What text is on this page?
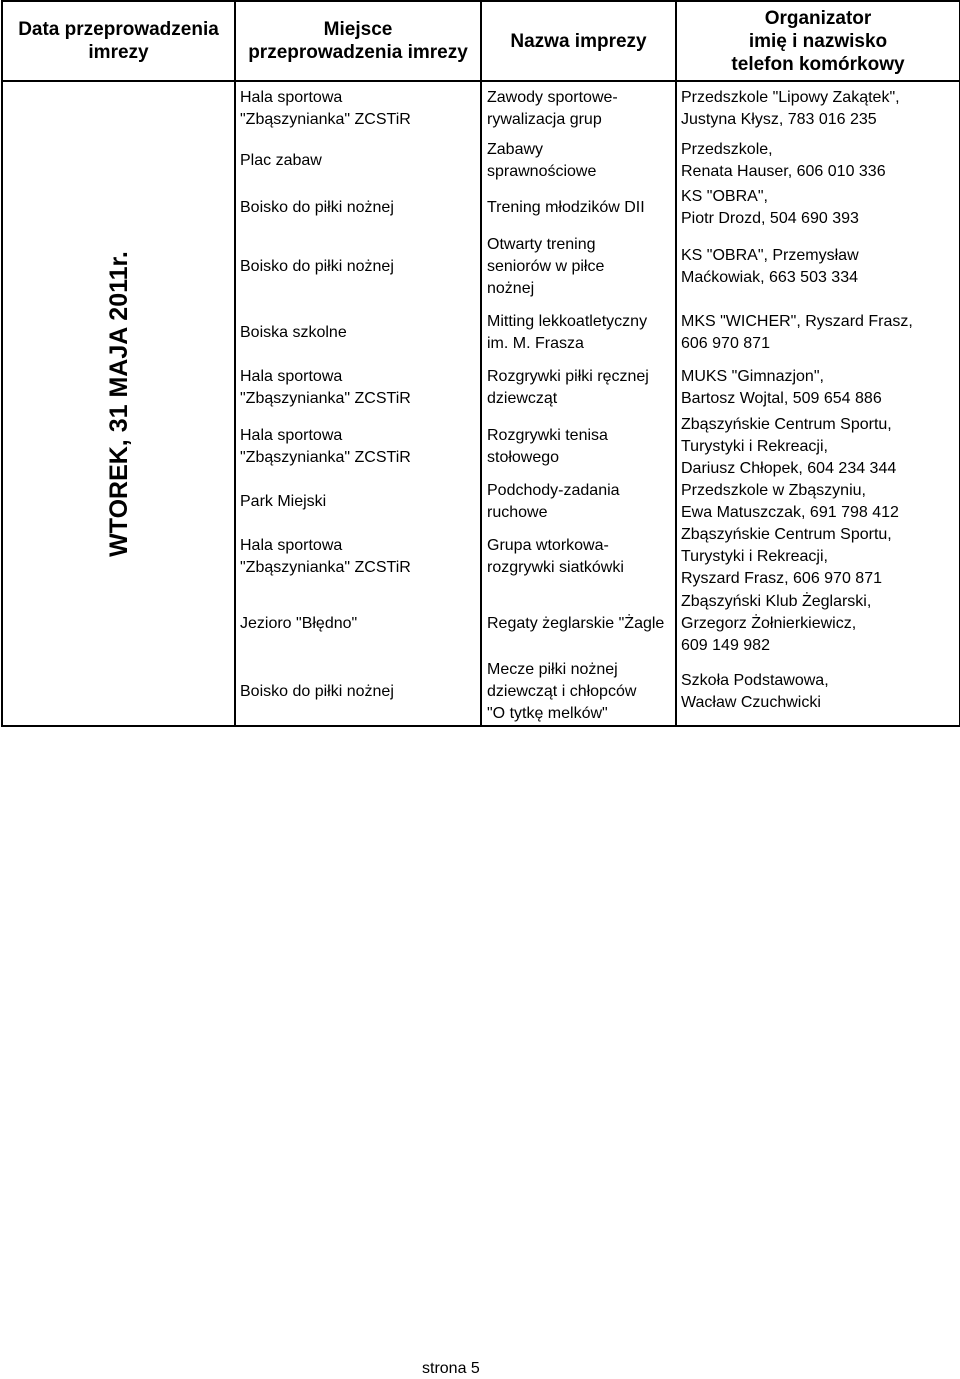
Data przeprowadzenia
imrezy	Miejsce
przeprowadzenia imrezy	Nazwa imprezy	Organizator
imię i nazwisko
telefon komórkowy

WTOREK, 31 MAJA 2011r.	Hala sportowa
"Zbąszynianka" ZCSTiR	Zawody sportowe-
rywalizacja grup	Przedszkole "Lipowy Zakątek",
Justyna Kłysz, 783 016 235

	Plac zabaw	Zabawy
sprawnościowe	Przedszkole,
Renata Hauser, 606 010 336

	Boisko do piłki nożnej	Trening młodzików DII	KS "OBRA",
Piotr Drozd, 504 690 393

	Boisko do piłki nożnej	Otwarty trening
seniorów w piłce
nożnej	KS "OBRA", Przemysław
Maćkowiak, 663 503 334

	Boiska szkolne	Mitting lekkoatletyczny
im. M. Frasza	MKS "WICHER", Ryszard Frasz,
606 970 871

	Hala sportowa
"Zbąszynianka" ZCSTiR	Rozgrywki piłki ręcznej
dziewcząt	MUKS "Gimnazjon",
Bartosz Wojtal, 509 654 886

	Hala sportowa
"Zbąszynianka" ZCSTiR	Rozgrywki tenisa
stołowego	Zbąszyńskie Centrum Sportu,
Turystyki i Rekreacji,
Dariusz Chłopek, 604 234 344

	Park Miejski	Podchody-zadania
ruchowe	Przedszkole w Zbąszyniu,
Ewa Matuszczak, 691 798 412

	Hala sportowa
"Zbąszynianka" ZCSTiR	Grupa wtorkowa-
rozgrywki siatkówki	Zbąszyńskie Centrum Sportu,
Turystyki i Rekreacji,
Ryszard Frasz, 606 970 871

	Jezioro "Błędno"	Regaty żeglarskie "Żagle	Zbąszyński Klub Żeglarski,
Grzegorz Żołnierkiewicz,
609 149 982

	Boisko do piłki nożnej	Mecze piłki nożnej
dziewcząt i chłopców
"O tytkę melków"	Szkoła Podstawowa,
Wacław Czuchwicki
strona 5
